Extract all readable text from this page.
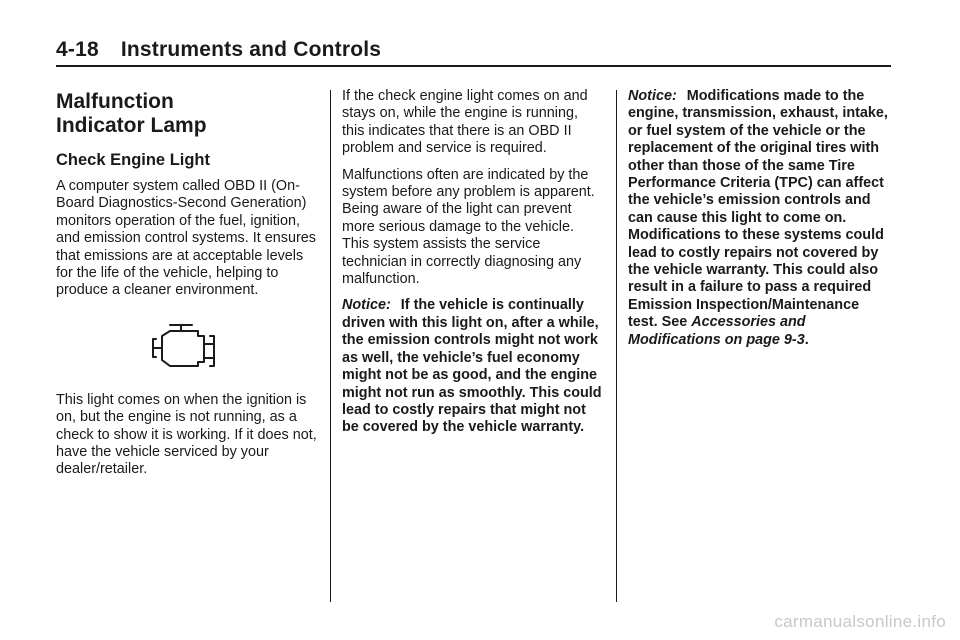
4-18 Instruments and Controls
Malfunction
Indicator Lamp
Check Engine Light

A computer system called OBD II (On-Board Diagnostics-Second Generation) monitors operation of the fuel, ignition, and emission control systems. It ensures that emissions are at acceptable levels for the life of the vehicle, helping to produce a cleaner environment.

This light comes on when the ignition is on, but the engine is not running, as a check to show it is working. If it does not, have the vehicle serviced by your dealer/retailer.

If the check engine light comes on and stays on, while the engine is running, this indicates that there is an OBD II problem and service is required.

Malfunctions often are indicated by the system before any problem is apparent. Being aware of the light can prevent more serious damage to the vehicle. This system assists the service technician in correctly diagnosing any malfunction.

Notice: If the vehicle is continually driven with this light on, after a while, the emission controls might not work as well, the vehicle’s fuel economy might not be as good, and the engine might not run as smoothly. This could lead to costly repairs that might not be covered by the vehicle warranty.

Notice: Modifications made to the engine, transmission, exhaust, intake, or fuel system of the vehicle or the replacement of the original tires with other than those of the same Tire Performance Criteria (TPC) can affect the vehicle’s emission controls and can cause this light to come on. Modifications to these systems could lead to costly repairs not covered by the vehicle warranty. This could also result in a failure to pass a required Emission Inspection/Maintenance test. See Accessories and Modifications on page 9-3.

carmanualsonline.info
